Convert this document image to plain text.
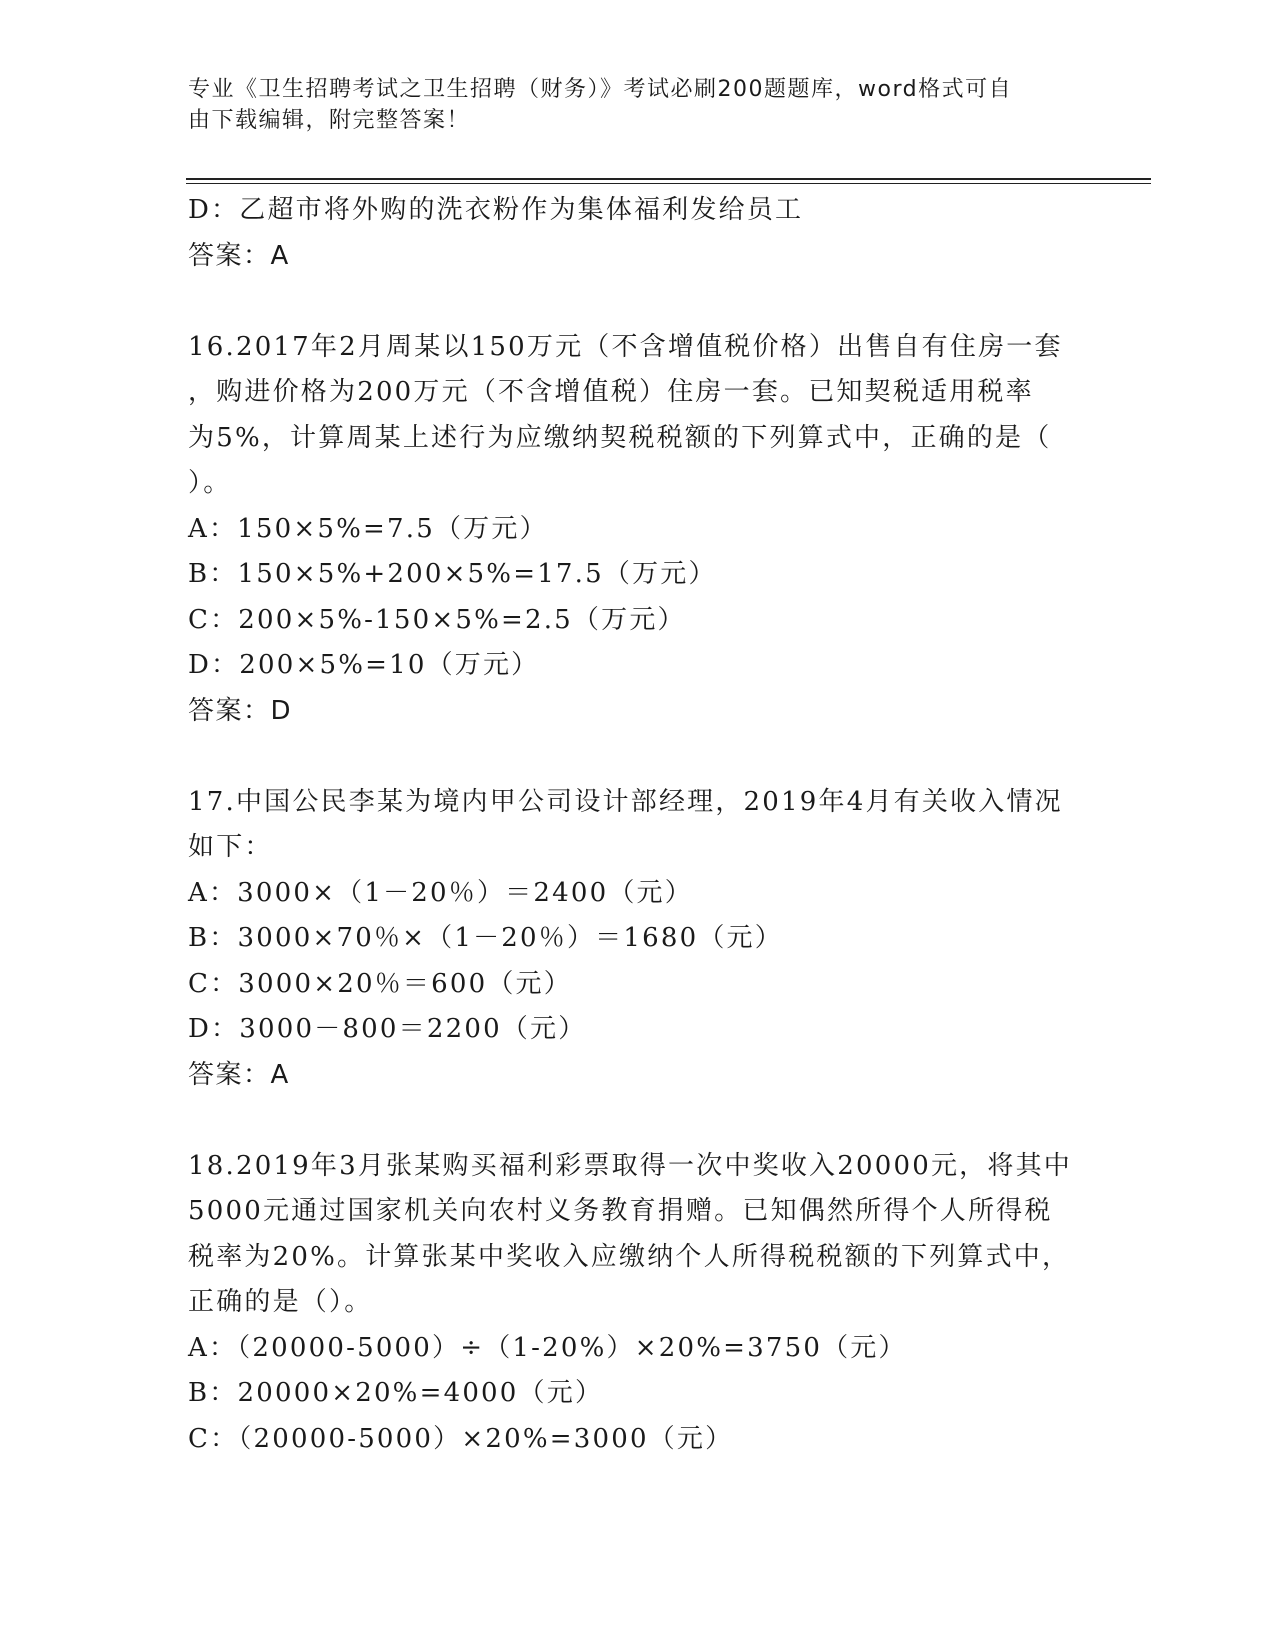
专业《卫生招聘考试之卫生招聘（财务）》考试必刷200题题库，word格式可自
由下载编辑，附完整答案！

D：乙超市将外购的洗衣粉作为集体福利发给员工

答案：A

16.2017年2月周某以150万元（不含增值税价格）出售自有住房一套

，购进价格为200万元（不含增值税）住房一套。已知契税适用税率

为5%，计算周某上述行为应缴纳契税税额的下列算式中，正确的是（

）。

A：150×5%=7.5（万元）

B：150×5%+200×5%=17.5（万元）

C：200×5%-150×5%=2.5（万元）

D：200×5%=10（万元）

答案：D

17.中国公民李某为境内甲公司设计部经理，2019年4月有关收入情况

如下：

A：3000×（1－20％）＝2400（元）

B：3000×70％×（1－20％）＝1680（元）

C：3000×20％＝600（元）

D：3000－800＝2200（元）

答案：A

18.2019年3月张某购买福利彩票取得一次中奖收入20000元，将其中

5000元通过国家机关向农村义务教育捐赠。已知偶然所得个人所得税

税率为20%。计算张某中奖收入应缴纳个人所得税税额的下列算式中，

正确的是（）。

A：（20000-5000）÷（1-20%）×20%=3750（元）

B：20000×20%=4000（元）

C：（20000-5000）×20%=3000（元）
